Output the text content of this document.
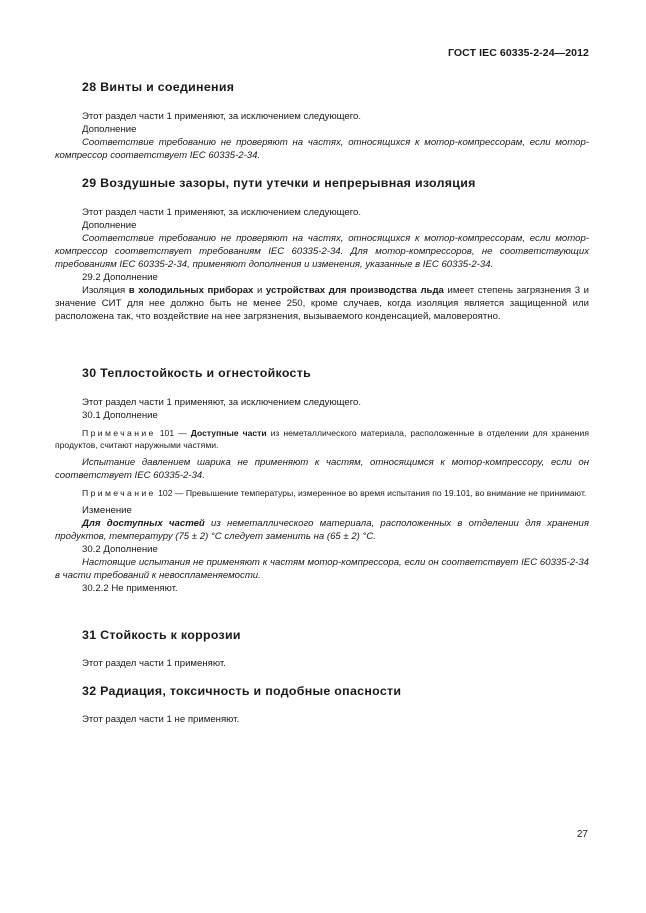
ГОСТ IEC 60335-2-24—2012
28 Винты и соединения

Этот раздел части 1 применяют, за исключением следующего.

Дополнение

Соответствие требованию не проверяют на частях, относящихся к мотор-компрессорам, если мотор-компрессор соответствует IEC 60335-2-34.

29 Воздушные зазоры, пути утечки и непрерывная изоляция

Этот раздел части 1 применяют, за исключением следующего.

Дополнение

Соответствие требованию не проверяют на частях, относящихся к мотор-компрессорам, если мотор-компрессор соответствует требованиям IEC 60335-2-34. Для мотор-компрессоров, не соответствующих требованиям IEC 60335-2-34, применяют дополнения и изменения, указанные в IEC 60335-2-34.

29.2 Дополнение

Изоляция в холодильных приборах и устройствах для производства льда имеет степень загрязнения 3 и значение СИТ для нее должно быть не менее 250, кроме случаев, когда изоляция является защищенной или расположена так, что воздействие на нее загрязнения, вызываемого конденсацией, маловероятно.

30 Теплостойкость и огнестойкость

Этот раздел части 1 применяют, за исключением следующего.

30.1 Дополнение

Примечание 101 — Доступные части из неметаллического материала, расположенные в отделении для хранения продуктов, считают наружными частями.

Испытание давлением шарика не применяют к частям, относящимся к мотор-компрессору, если он соответствует IEC 60335-2-34.

Примечание 102 — Превышение температуры, измеренное во время испытания по 19.101, во внимание не принимают.

Изменение

Для доступных частей из неметаллического материала, расположенных в отделении для хранения продуктов, температуру (75 ± 2) °С следует заменить на (65 ± 2) °С.

30.2 Дополнение

Настоящие испытания не применяют к частям мотор-компрессора, если он соответствует IEC 60335-2-34 в части требований к невоспламеняемости.

30.2.2 Не применяют.

31 Стойкость к коррозии

Этот раздел части 1 применяют.

32 Радиация, токсичность и подобные опасности

Этот раздел части 1 не применяют.

27
